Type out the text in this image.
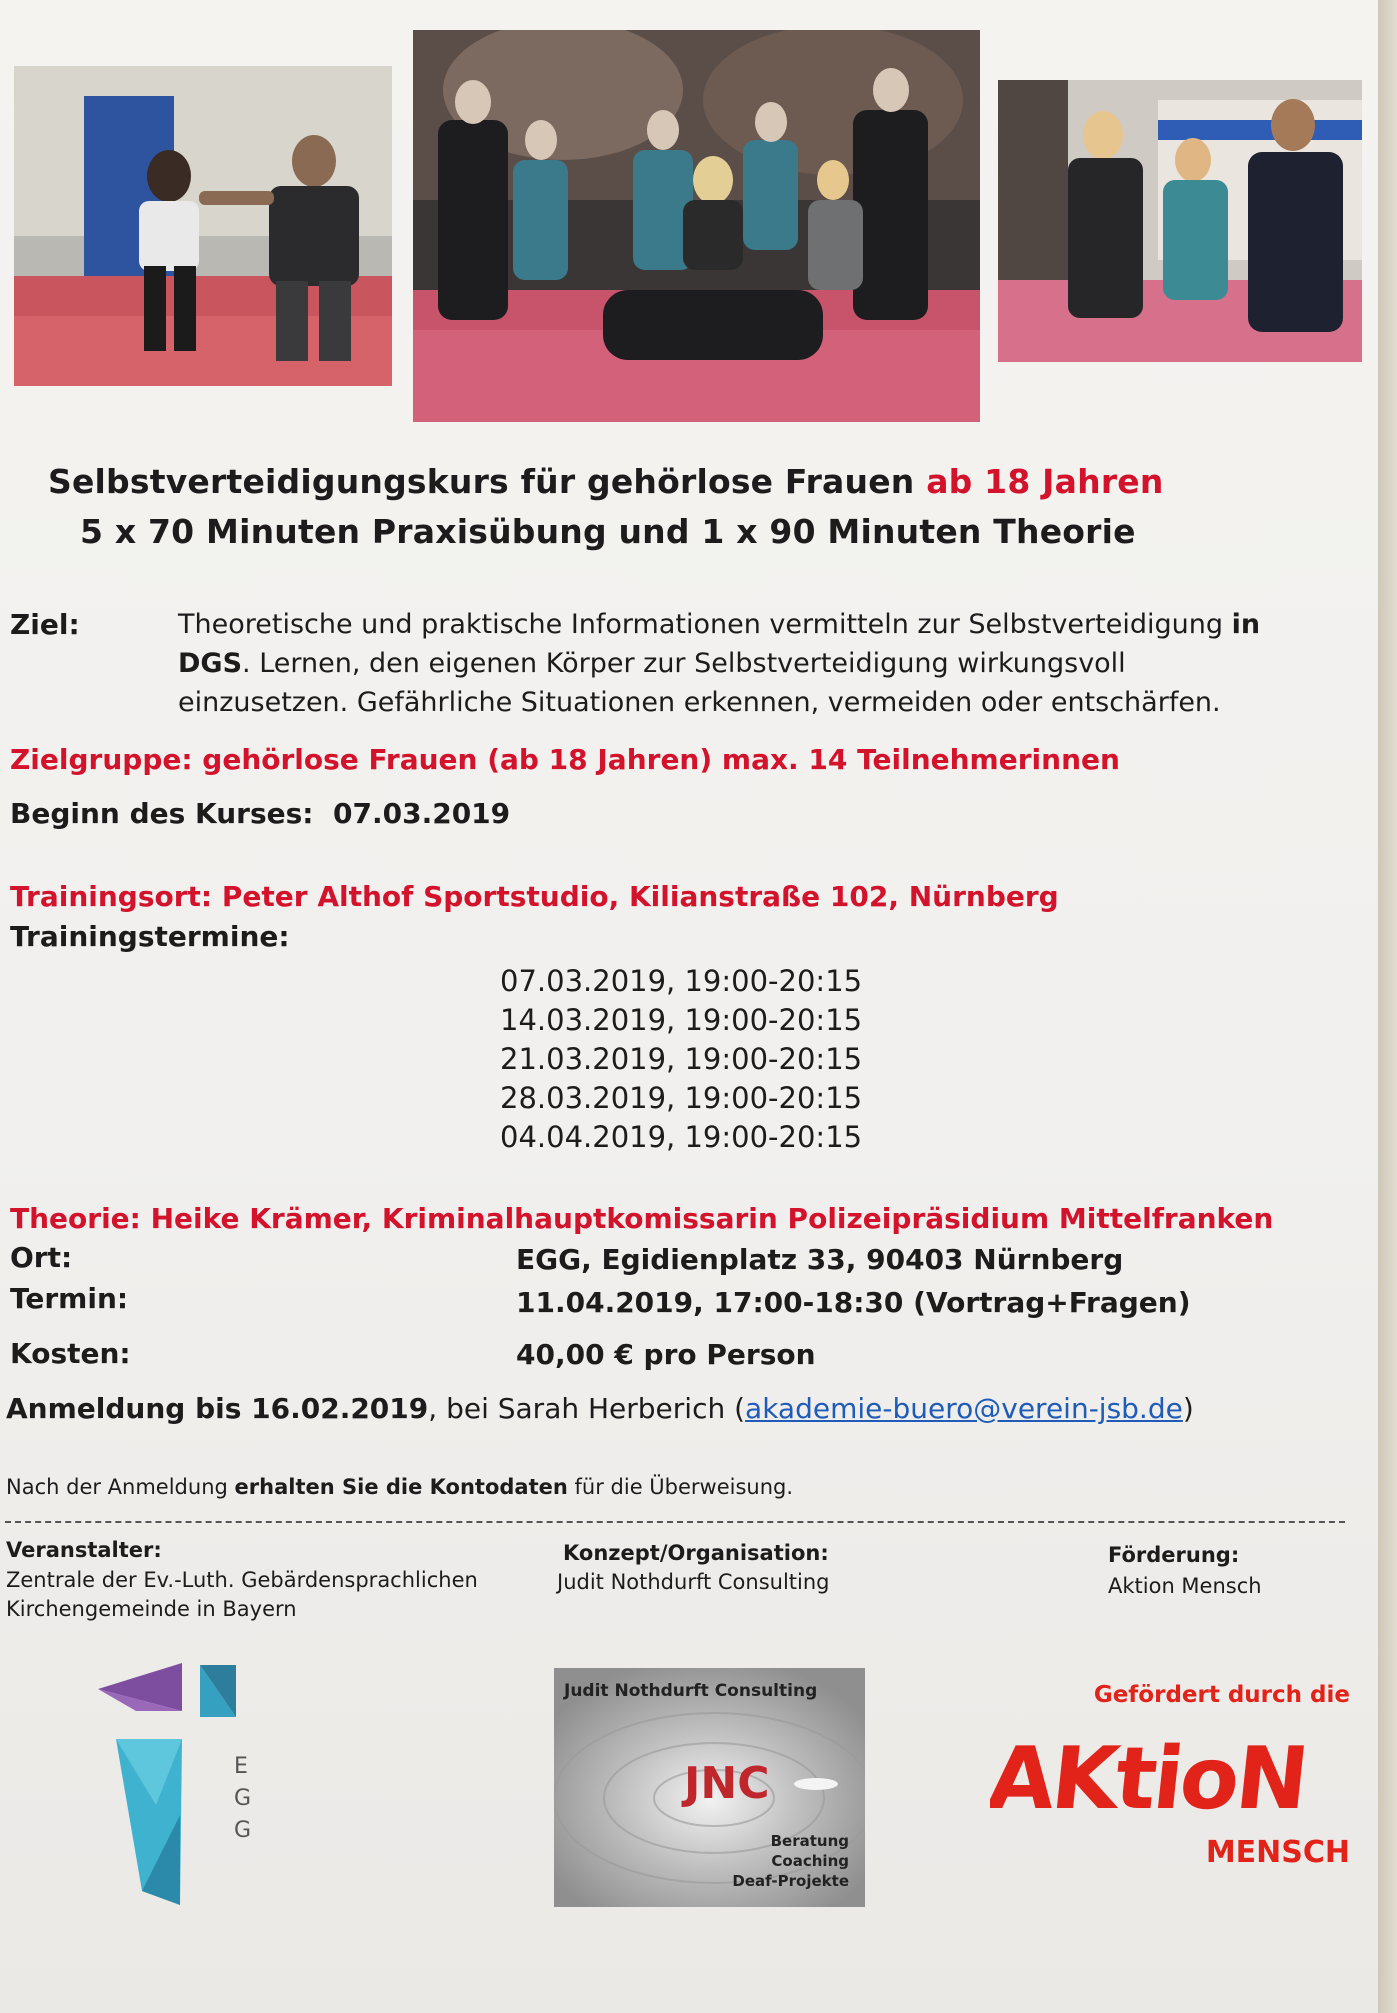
Selbstverteidigungskurs für gehörlose Frauen ab 18 Jahren
5 x 70 Minuten Praxisübung und 1 x 90 Minuten Theorie
Ziel:	Theoretische und praktische Informationen vermitteln zur Selbstverteidigung in
DGS. Lernen, den eigenen Körper zur Selbstverteidigung wirkungsvoll
einzusetzen. Gefährliche Situationen erkennen, vermeiden oder entschärfen.
Zielgruppe: gehörlose Frauen (ab 18 Jahren) max. 14 Teilnehmerinnen
Beginn des Kurses: 07.03.2019
Trainingsort: Peter Althof Sportstudio, Kilianstraße 102, Nürnberg
Trainingstermine:
07.03.2019, 19:00-20:15
14.03.2019, 19:00-20:15
21.03.2019, 19:00-20:15
28.03.2019, 19:00-20:15
04.04.2019, 19:00-20:15
Theorie: Heike Krämer, Kriminalhauptkomissarin Polizeipräsidium Mittelfranken
Ort:	EGG, Egidienplatz 33, 90403 Nürnberg
Termin:	11.04.2019, 17:00-18:30 (Vortrag+Fragen)
Kosten:	40,00 € pro Person
Anmeldung bis 16.02.2019, bei Sarah Herberich (akademie-buero@verein-jsb.de)
Nach der Anmeldung erhalten Sie die Kontodaten für die Überweisung.
Veranstalter:
Zentrale der Ev.-Luth. Gebärdensprachlichen
Kirchengemeinde in Bayern
Konzept/Organisation:
Judit Nothdurft Consulting
Förderung:
Aktion Mensch
E
G
G
Judit Nothdurft Consulting
JNC
Beratung
Coaching
Deaf-Projekte
Gefördert durch die
AKtioN
MENSCH
